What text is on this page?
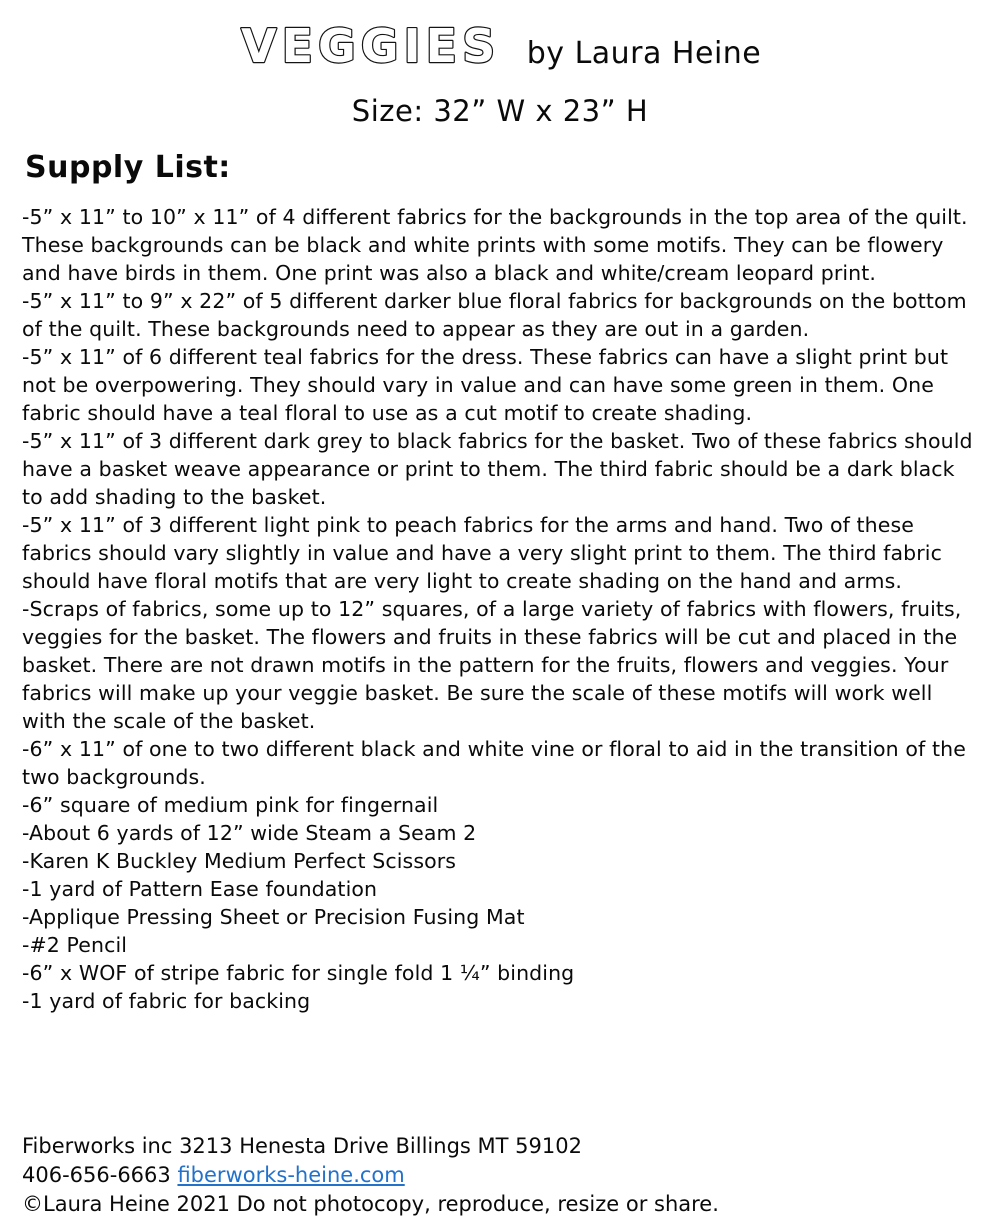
VEGGIES by Laura Heine
Size: 32” W x 23” H
Supply List:
-5” x 11” to 10” x 11” of 4 different fabrics for the backgrounds in the top area of the quilt. These backgrounds can be black and white prints with some motifs. They can be flowery and have birds in them. One print was also a black and white/cream leopard print.
-5” x 11” to 9” x 22” of 5 different darker blue floral fabrics for backgrounds on the bottom of the quilt. These backgrounds need to appear as they are out in a garden.
-5” x 11” of 6 different teal fabrics for the dress. These fabrics can have a slight print but not be overpowering. They should vary in value and can have some green in them. One fabric should have a teal floral to use as a cut motif to create shading.
-5” x 11” of 3 different dark grey to black fabrics for the basket. Two of these fabrics should have a basket weave appearance or print to them. The third fabric should be a dark black to add shading to the basket.
-5” x 11” of 3 different light pink to peach fabrics for the arms and hand. Two of these fabrics should vary slightly in value and have a very slight print to them. The third fabric should have floral motifs that are very light to create shading on the hand and arms.
-Scraps of fabrics, some up to 12” squares, of a large variety of fabrics with flowers, fruits, veggies for the basket. The flowers and fruits in these fabrics will be cut and placed in the basket. There are not drawn motifs in the pattern for the fruits, flowers and veggies. Your fabrics will make up your veggie basket. Be sure the scale of these motifs will work well with the scale of the basket.
-6” x 11” of one to two different black and white vine or floral to aid in the transition of the two backgrounds.
-6” square of medium pink for fingernail
-About 6 yards of 12” wide Steam a Seam 2
-Karen K Buckley Medium Perfect Scissors
-1 yard of Pattern Ease foundation
-Applique Pressing Sheet or Precision Fusing Mat
-#2 Pencil
-6” x WOF of stripe fabric for single fold 1 ¼” binding
-1 yard of fabric for backing
Fiberworks inc 3213 Henesta Drive Billings MT 59102
406-656-6663 fiberworks-heine.com
©Laura Heine 2021 Do not photocopy, reproduce, resize or share.
